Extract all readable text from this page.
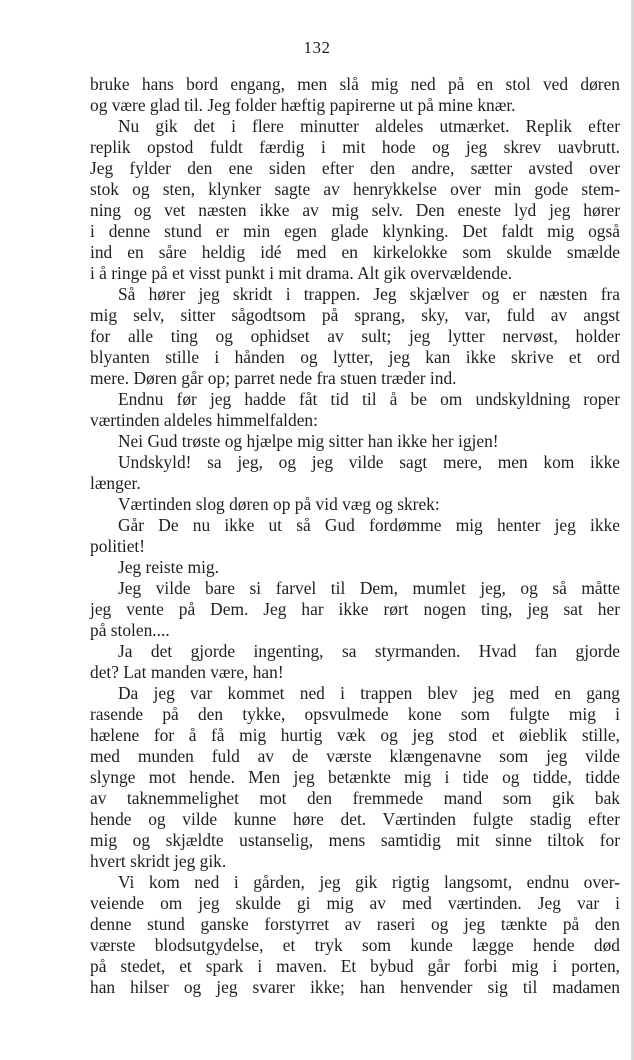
132
bruke hans bord engang, men slå mig ned på en stol ved døren
og være glad til. Jeg folder hæftig papirerne ut på mine knær.
Nu gik det i flere minutter aldeles utmærket. Replik efter
replik opstod fuldt færdig i mit hode og jeg skrev uavbrutt.
Jeg fylder den ene siden efter den andre, sætter avsted over
stok og sten, klynker sagte av henrykkelse over min gode stem-
ning og vet næsten ikke av mig selv. Den eneste lyd jeg hører
i denne stund er min egen glade klynking. Det faldt mig også
ind en såre heldig idé med en kirkelokke som skulde smælde
i å ringe på et visst punkt i mit drama. Alt gik overvældende.
Så hører jeg skridt i trappen. Jeg skjælver og er næsten fra
mig selv, sitter sågodtsom på sprang, sky, var, fuld av angst
for alle ting og ophidset av sult; jeg lytter nervøst, holder
blyanten stille i hånden og lytter, jeg kan ikke skrive et ord
mere. Døren går op; parret nede fra stuen træder ind.
Endnu før jeg hadde fåt tid til å be om undskyldning roper
værtinden aldeles himmelfalden:
Nei Gud trøste og hjælpe mig sitter han ikke her igjen!
Undskyld! sa jeg, og jeg vilde sagt mere, men kom ikke
længer.
Værtinden slog døren op på vid væg og skrek:
Går De nu ikke ut så Gud fordømme mig henter jeg ikke
politiet!
Jeg reiste mig.
Jeg vilde bare si farvel til Dem, mumlet jeg, og så måtte
jeg vente på Dem. Jeg har ikke rørt nogen ting, jeg sat her
på stolen....
Ja det gjorde ingenting, sa styrmanden. Hvad fan gjorde
det? Lat manden være, han!
Da jeg var kommet ned i trappen blev jeg med en gang
rasende på den tykke, opsvulmede kone som fulgte mig i
hælene for å få mig hurtig væk og jeg stod et øieblik stille,
med munden fuld av de værste klængenavne som jeg vilde
slynge mot hende. Men jeg betænkte mig i tide og tidde, tidde
av taknemmelighet mot den fremmede mand som gik bak
hende og vilde kunne høre det. Værtinden fulgte stadig efter
mig og skjældte ustanselig, mens samtidig mit sinne tiltok for
hvert skridt jeg gik.
Vi kom ned i gården, jeg gik rigtig langsomt, endnu over-
veiende om jeg skulde gi mig av med værtinden. Jeg var i
denne stund ganske forstyrret av raseri og jeg tænkte på den
værste blodsutgydelse, et tryk som kunde lægge hende død
på stedet, et spark i maven. Et bybud går forbi mig i porten,
han hilser og jeg svarer ikke; han henvender sig til madamen
